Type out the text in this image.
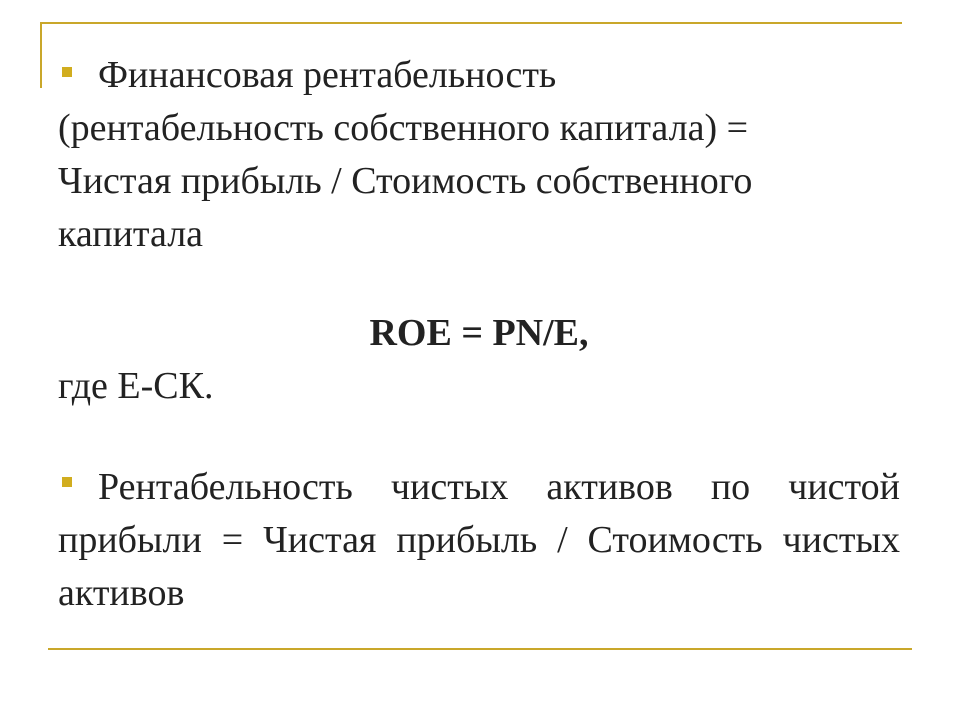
Финансовая рентабельность
(рентабельность собственного капитала) = Чистая прибыль / Стоимость собственного капитала

ROE = PN/E,
где Е-СК.

Рентабельность чистых активов по чистой прибыли = Чистая прибыль / Стоимость чистых активов
